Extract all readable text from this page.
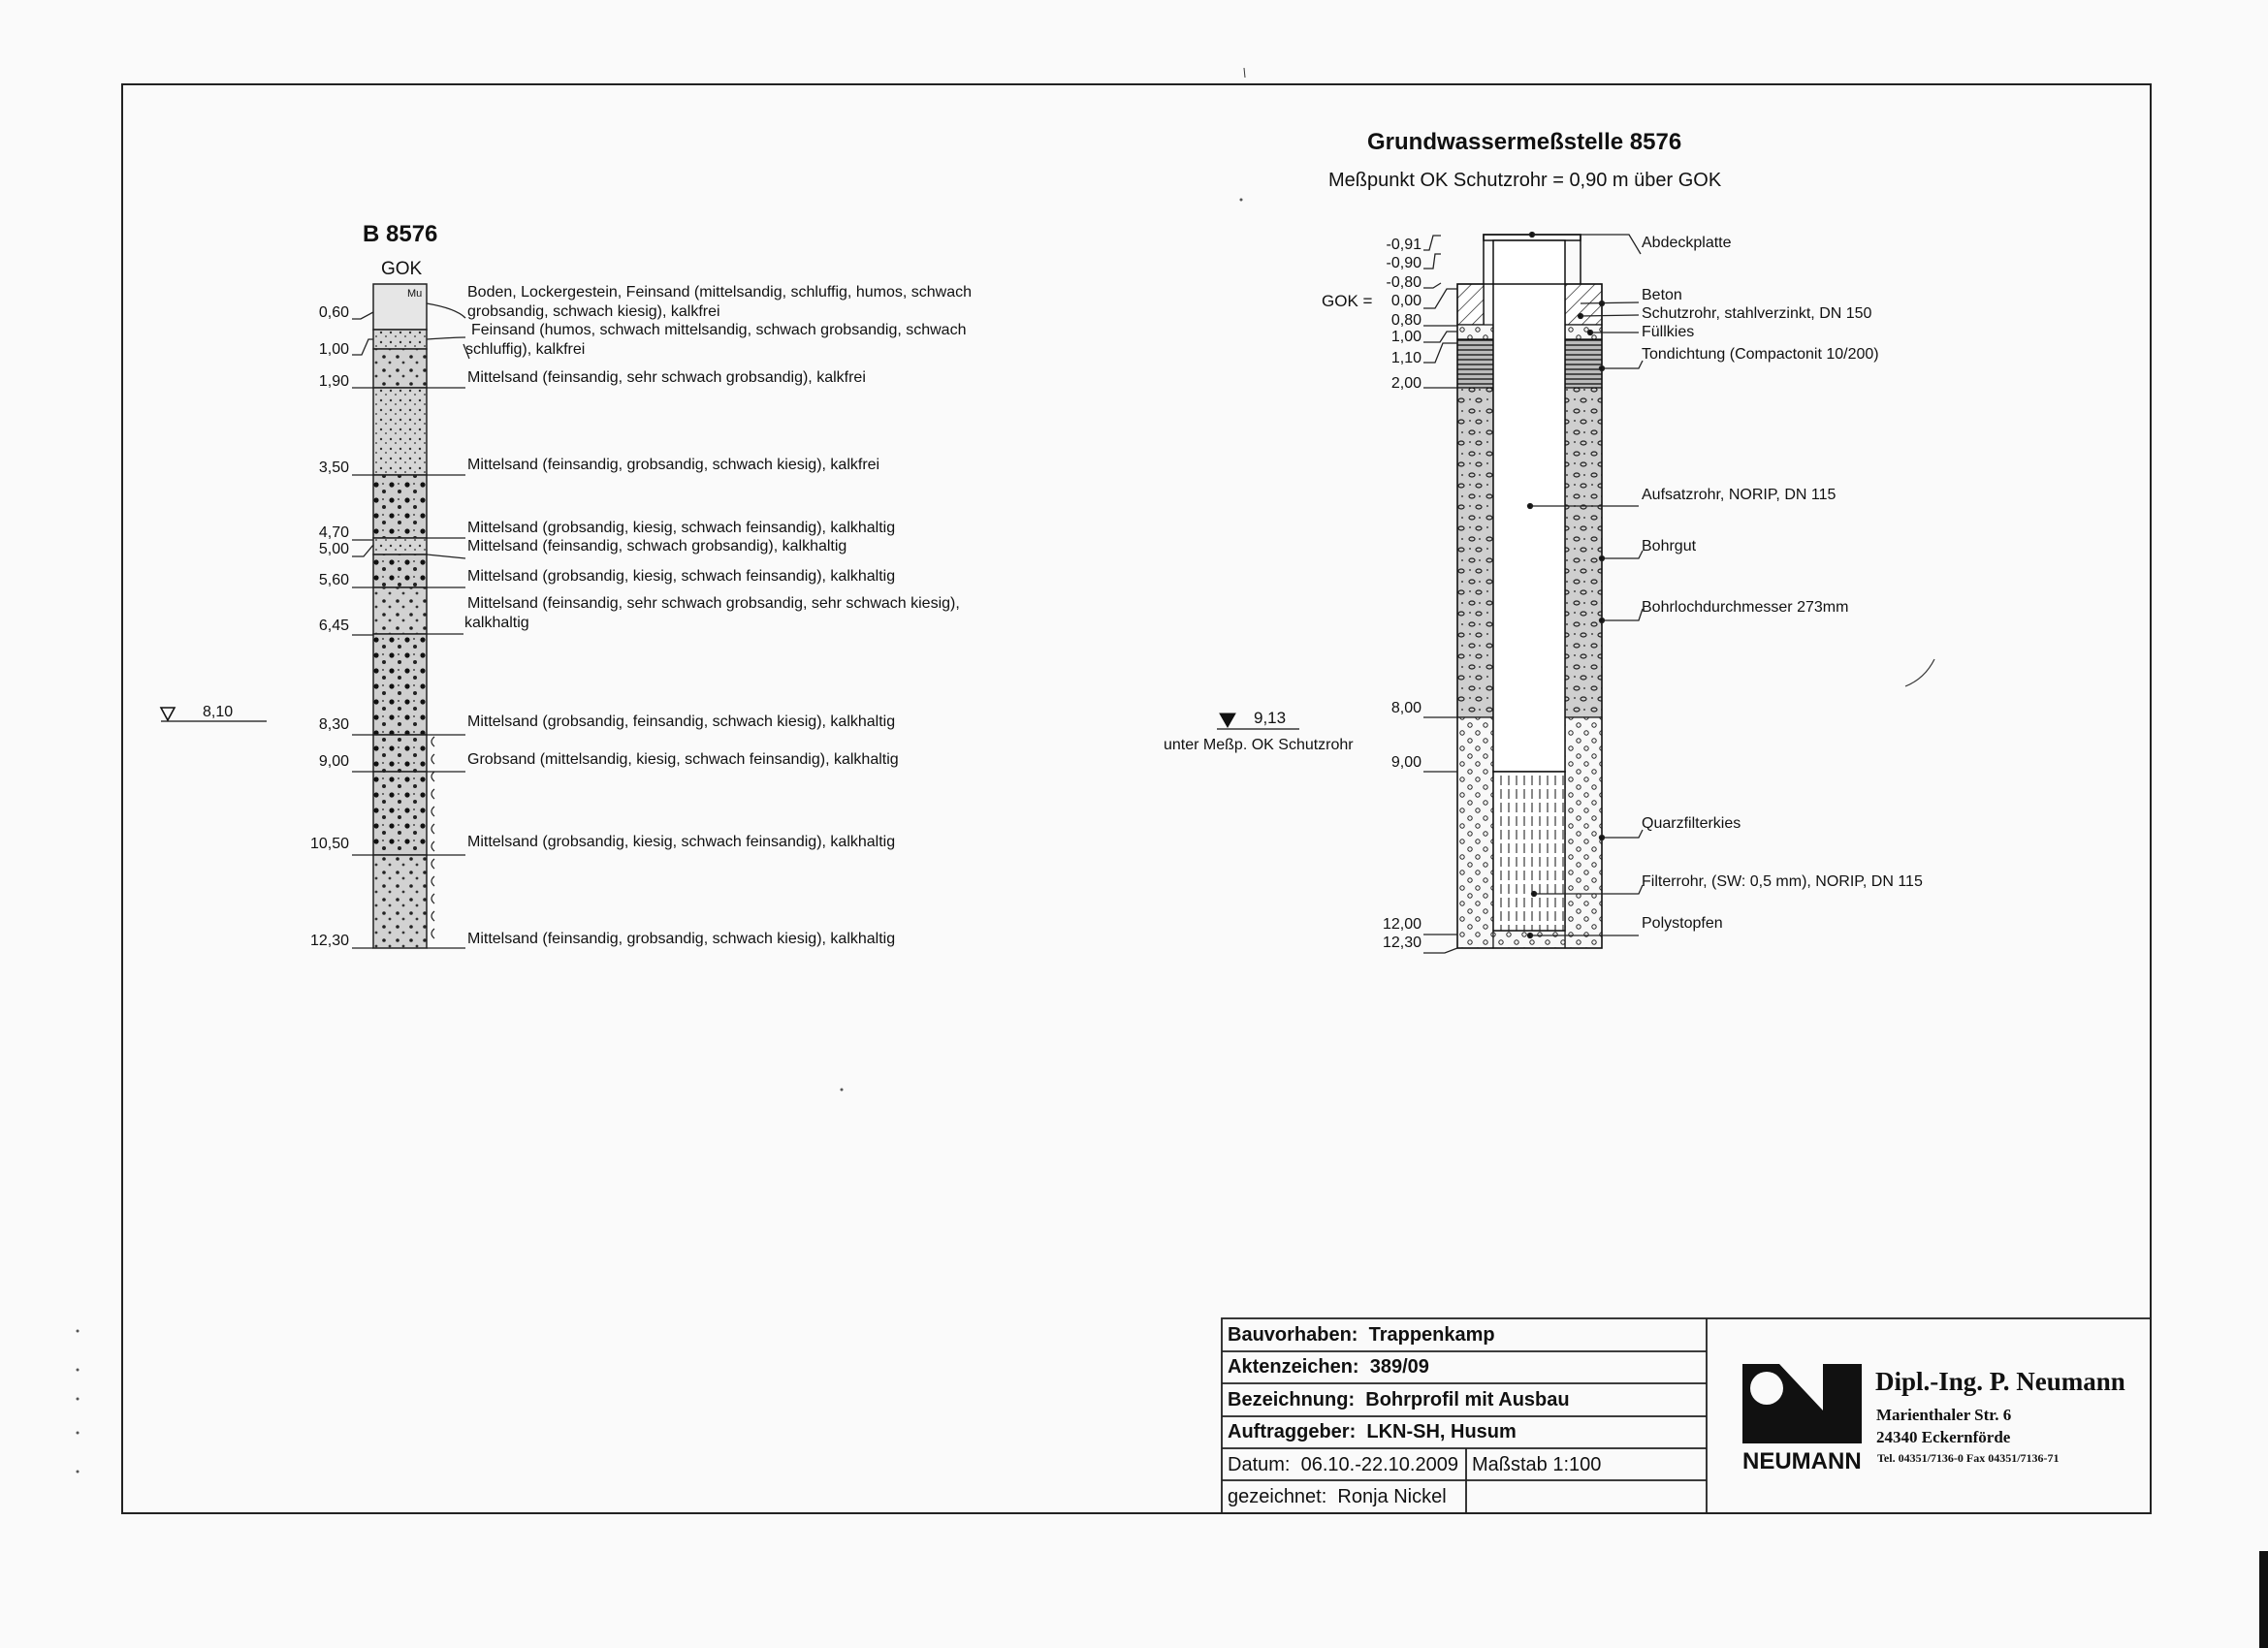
Mu
B 8576
GOK
8,10
0,60
1,00
1,90
3,50
4,70
5,00
5,60
6,45
8,30
9,00
10,50
12,30
Boden, Lockergestein, Feinsand (mittelsandig, schluffig, humos, schwach
grobsandig, schwach kiesig), kalkfrei
Feinsand (humos, schwach mittelsandig, schwach grobsandig, schwach
schluffig), kalkfrei
Mittelsand (feinsandig, sehr schwach grobsandig), kalkfrei
Mittelsand (feinsandig, grobsandig, schwach kiesig), kalkfrei
Mittelsand (grobsandig, kiesig, schwach feinsandig), kalkhaltig
Mittelsand (feinsandig, schwach grobsandig), kalkhaltig
Mittelsand (grobsandig, kiesig, schwach feinsandig), kalkhaltig
Mittelsand (feinsandig, sehr schwach grobsandig, sehr schwach kiesig),
kalkhaltig
Mittelsand (grobsandig, feinsandig, schwach kiesig), kalkhaltig
Grobsand (mittelsandig, kiesig, schwach feinsandig), kalkhaltig
Mittelsand (grobsandig, kiesig, schwach feinsandig), kalkhaltig
Mittelsand (feinsandig, grobsandig, schwach kiesig), kalkhaltig
Grundwassermeßstelle 8576
Meßpunkt OK Schutzrohr = 0,90 m über GOK
GOK =
9,13
unter Meßp. OK Schutzrohr
-0,91
-0,90
-0,80
0,00
0,80
1,00
1,10
2,00
8,00
9,00
12,00
12,30
Abdeckplatte
Beton
Schutzrohr, stahlverzinkt, DN 150
Füllkies
Tondichtung (Compactonit 10/200)
Aufsatzrohr, NORIP, DN 115
Bohrgut
Bohrlochdurchmesser 273mm
Quarzfilterkies
Filterrohr, (SW: 0,5 mm), NORIP, DN 115
Polystopfen
Bauvorhaben: Trappenkamp
Aktenzeichen: 389/09
Bezeichnung: Bohrprofil mit Ausbau
Auftraggeber: LKN-SH, Husum
Datum: 06.10.-22.10.2009 Maßstab 1:100
gezeichnet: Ronja Nickel
Dipl.-Ing. P. Neumann
Marienthaler Str. 6
24340 Eckernförde
Tel. 04351/7136-0 Fax 04351/7136-71
NEUMANN
